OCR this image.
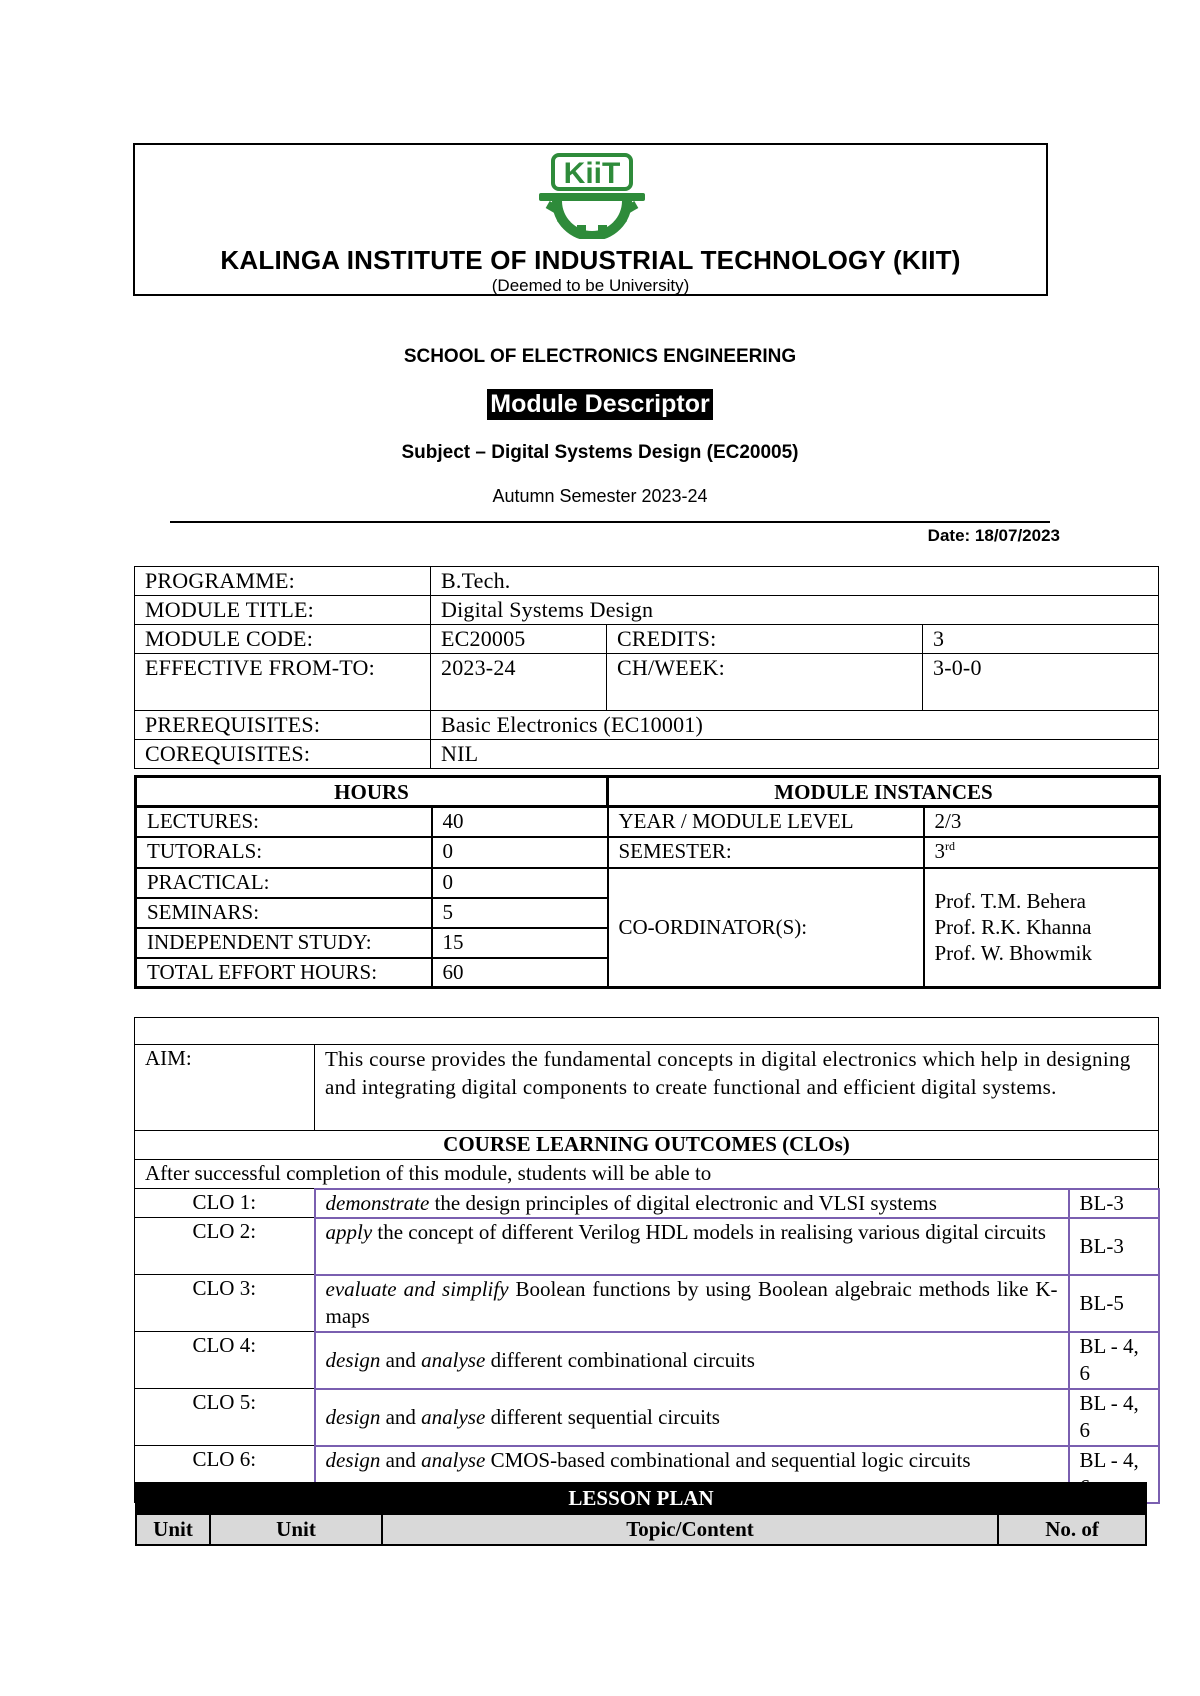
KiiT
KALINGA INSTITUTE OF INDUSTRIAL TECHNOLOGY (KIIT)
(Deemed to be University)
SCHOOL OF ELECTRONICS ENGINEERING
Module Descriptor
Subject – Digital Systems Design (EC20005)
Autumn Semester 2023-24
Date: 18/07/2023
PROGRAMME:	B.Tech.		
MODULE TITLE:	Digital Systems Design		
MODULE CODE:	EC20005	CREDITS:	3
EFFECTIVE FROM-TO:	2023-24	CH/WEEK:	3-0-0
PREREQUISITES:	Basic Electronics (EC10001)		
COREQUISITES:	NIL		
HOURS		MODULE INSTANCES	
LECTURES:	40	YEAR / MODULE LEVEL	2/3
TUTORALS:	0	SEMESTER:	3rd
PRACTICAL:	0	CO-ORDINATOR(S):	Prof. T.M. Behera
Prof. R.K. Khanna
Prof. W. Bhowmik

SEMINARS:	5		
INDEPENDENT STUDY:	15		
TOTAL EFFORT HOURS:	60		

AIM:	This course provides the fundamental concepts in digital electronics which help in designing and integrating digital components to create functional and efficient digital systems.	
COURSE LEARNING OUTCOMES (CLOs)		
After successful completion of this module, students will be able to		
CLO 1:	demonstrate the design principles of digital electronic and VLSI systems	BL-3
CLO 2:	apply the concept of different Verilog HDL models in realising various digital circuits	BL-3
CLO 3:	evaluate and simplify Boolean functions by using Boolean algebraic methods like K-maps	BL-5
CLO 4:	design and analyse different combinational circuits	BL - 4, 6
CLO 5:	design and analyse different sequential circuits	BL - 4, 6
CLO 6:	design and analyse CMOS-based combinational and sequential logic circuits	BL - 4,
LESSON PLAN
Unit	Unit	Topic/Content	No. of
